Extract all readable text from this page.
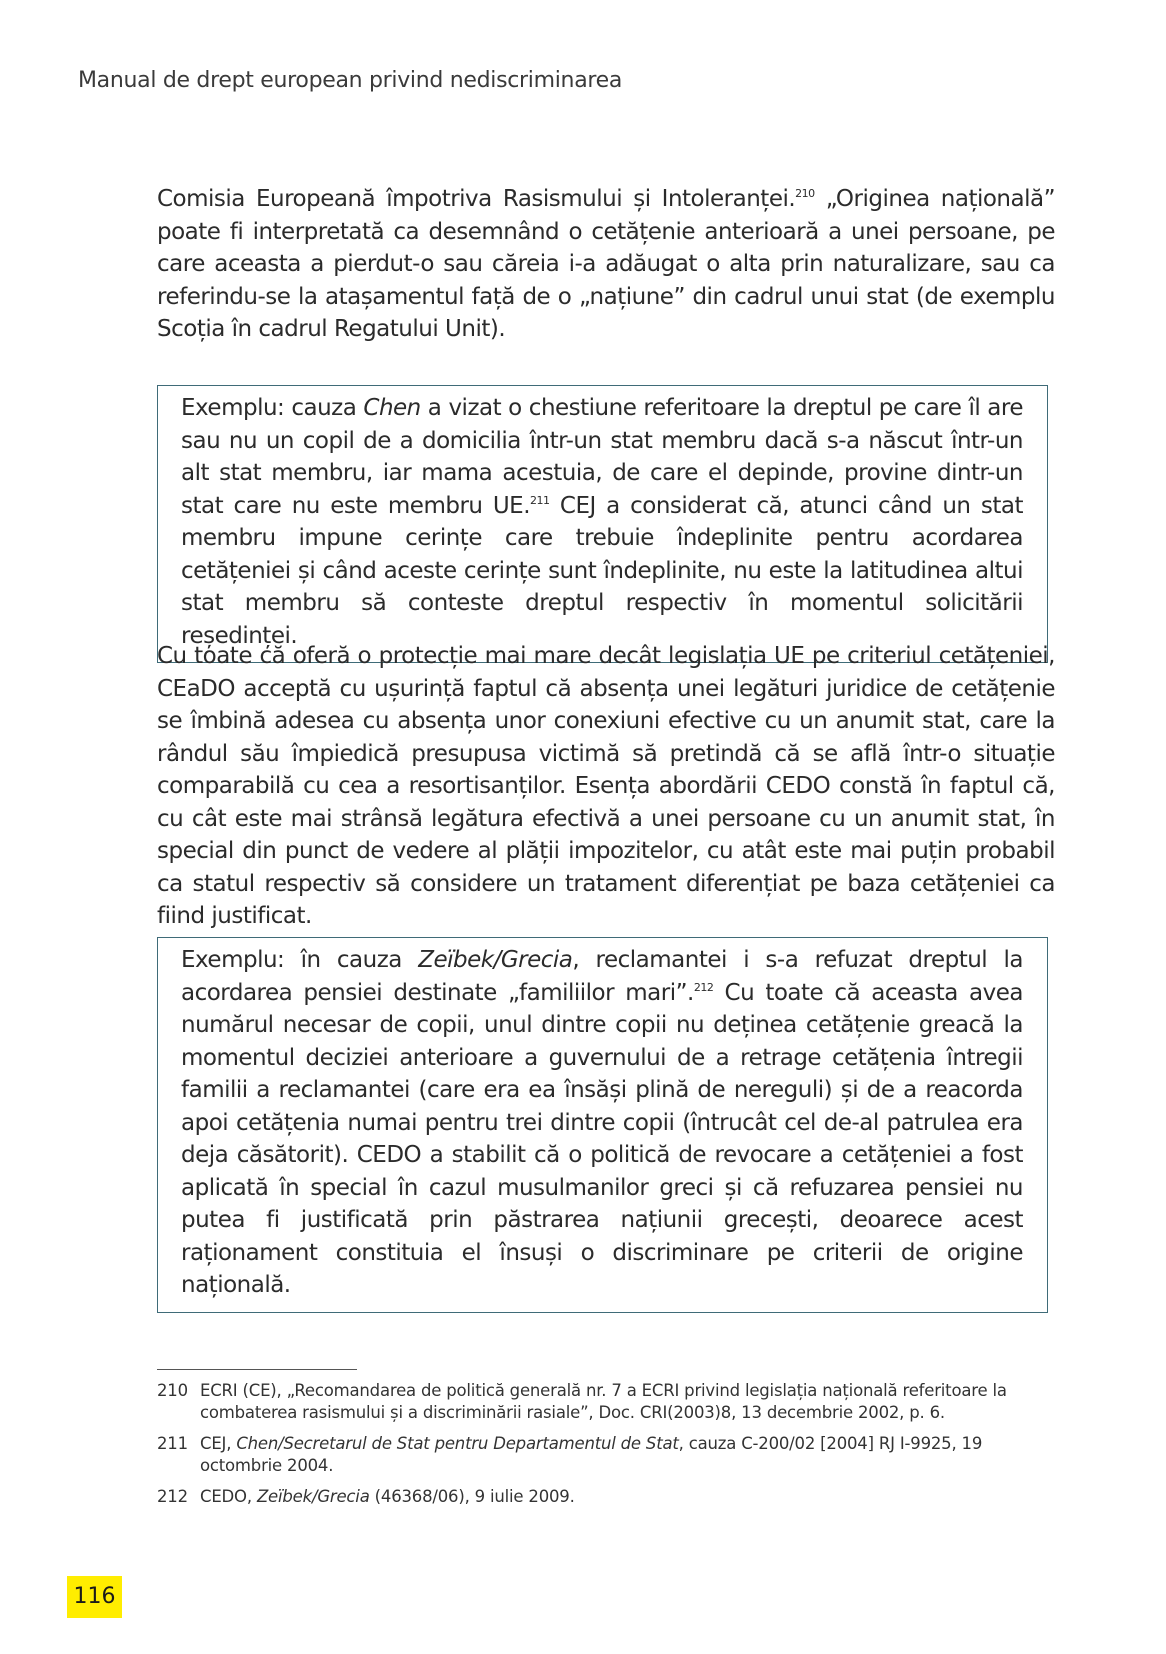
Manual de drept european privind nediscriminarea

Comisia Europeană împotriva Rasismului și Intoleranței.$^{210}$ „Originea națională” poate fi interpretată ca desemnând o cetățenie anterioară a unei persoane, pe care aceasta a pierdut-o sau căreia i-a adăugat o alta prin naturalizare, sau ca referindu-se la atașamentul față de o „națiune” din cadrul unui stat (de exemplu Scoția în cadrul Regatului Unit).

Exemplu: cauza Chen a vizat o chestiune referitoare la dreptul pe care îl are sau nu un copil de a domicilia într-un stat membru dacă s-a născut într-un alt stat membru, iar mama acestuia, de care el depinde, provine dintr-un stat care nu este membru UE.$^{211}$ CEJ a considerat că, atunci când un stat membru impune cerințe care trebuie îndeplinite pentru acordarea cetățeniei și când aceste cerințe sunt îndeplinite, nu este la latitudinea altui stat membru să conteste dreptul respectiv în momentul solicitării reședinței.

Cu toate că oferă o protecție mai mare decât legislația UE pe criteriul cetățeniei, CEaDO acceptă cu ușurință faptul că absența unei legături juridice de cetățenie se îmbină adesea cu absența unor conexiuni efective cu un anumit stat, care la rândul său împiedică presupusa victimă să pretindă că se află într-o situație comparabilă cu cea a resortisanților. Esența abordării CEDO constă în faptul că, cu cât este mai strânsă legătura efectivă a unei persoane cu un anumit stat, în special din punct de vedere al plății impozitelor, cu atât este mai puțin probabil ca statul respectiv să considere un tratament diferențiat pe baza cetățeniei ca fiind justificat.

Exemplu: în cauza Zeïbek/Grecia, reclamantei i s-a refuzat dreptul la acordarea pensiei destinate „familiilor mari”.$^{212}$ Cu toate că aceasta avea numărul necesar de copii, unul dintre copii nu deținea cetățenie greacă la momentul deciziei anterioare a guvernului de a retrage cetățenia întregii familii a reclamantei (care era ea însăși plină de nereguli) și de a reacorda apoi cetățenia numai pentru trei dintre copii (întrucât cel de-al patrulea era deja căsătorit). CEDO a stabilit că o politică de revocare a cetățeniei a fost aplicată în special în cazul musulmanilor greci și că refuzarea pensiei nu putea fi justificată prin păstrarea națiunii grecești, deoarece acest raționament constituia el însuși o discriminare pe criterii de origine națională.
210 ECRI (CE), „Recomandarea de politică generală nr. 7 a ECRI privind legislația națională referitoare la combaterea rasismului și a discriminării rasiale”, Doc. CRI(2003)8, 13 decembrie 2002, p. 6.
211 CEJ, Chen/Secretarul de Stat pentru Departamentul de Stat, cauza C-200/02 [2004] RJ I-9925, 19 octombrie 2004.
212 CEDO, Zeïbek/Grecia (46368/06), 9 iulie 2009.
116
